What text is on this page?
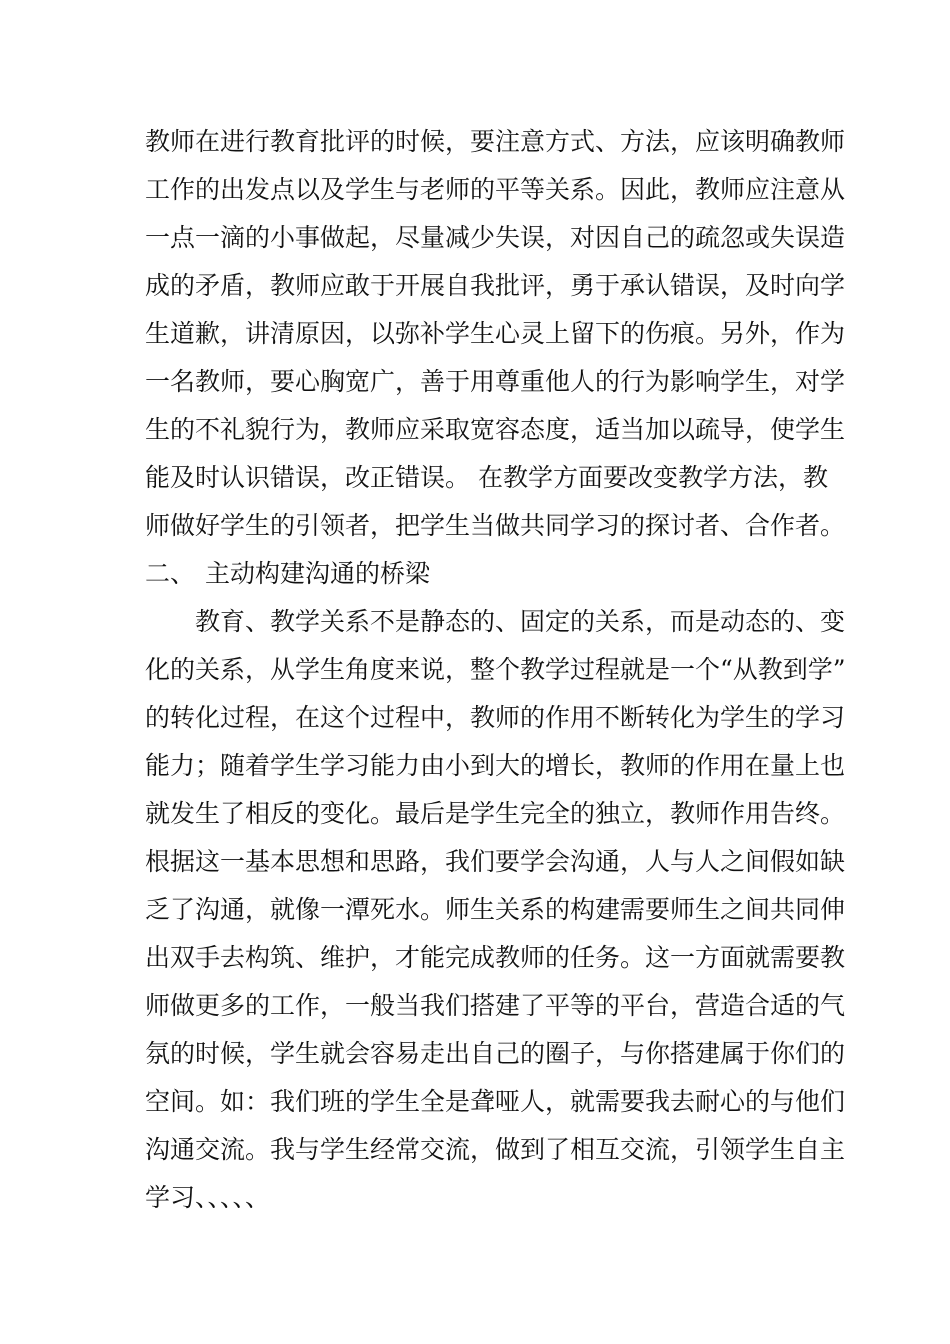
教师在进行教育批评的时候，要注意方式、方法，应该明确教师
工作的出发点以及学生与老师的平等关系。因此，教师应注意从
一点一滴的小事做起，尽量减少失误，对因自己的疏忽或失误造
成的矛盾，教师应敢于开展自我批评，勇于承认错误，及时向学
生道歉，讲清原因，以弥补学生心灵上留下的伤痕。另外，作为
一名教师，要心胸宽广，善于用尊重他人的行为影响学生，对学
生的不礼貌行为，教师应采取宽容态度，适当加以疏导，使学生
能及时认识错误，改正错误。 在教学方面要改变教学方法，教
师做好学生的引领者，把学生当做共同学习的探讨者、合作者。
二、 主动构建沟通的桥梁
教育、教学关系不是静态的、固定的关系，而是动态的、变
化的关系，从学生角度来说，整个教学过程就是一个“从教到学”
的转化过程，在这个过程中，教师的作用不断转化为学生的学习
能力；随着学生学习能力由小到大的增长，教师的作用在量上也
就发生了相反的变化。最后是学生完全的独立，教师作用告终。
根据这一基本思想和思路，我们要学会沟通，人与人之间假如缺
乏了沟通，就像一潭死水。师生关系的构建需要师生之间共同伸
出双手去构筑、维护，才能完成教师的任务。这一方面就需要教
师做更多的工作，一般当我们搭建了平等的平台，营造合适的气
氛的时候，学生就会容易走出自己的圈子，与你搭建属于你们的
空间。如：我们班的学生全是聋哑人，就需要我去耐心的与他们
沟通交流。我与学生经常交流，做到了相互交流，引领学生自主
学习、、、、、
